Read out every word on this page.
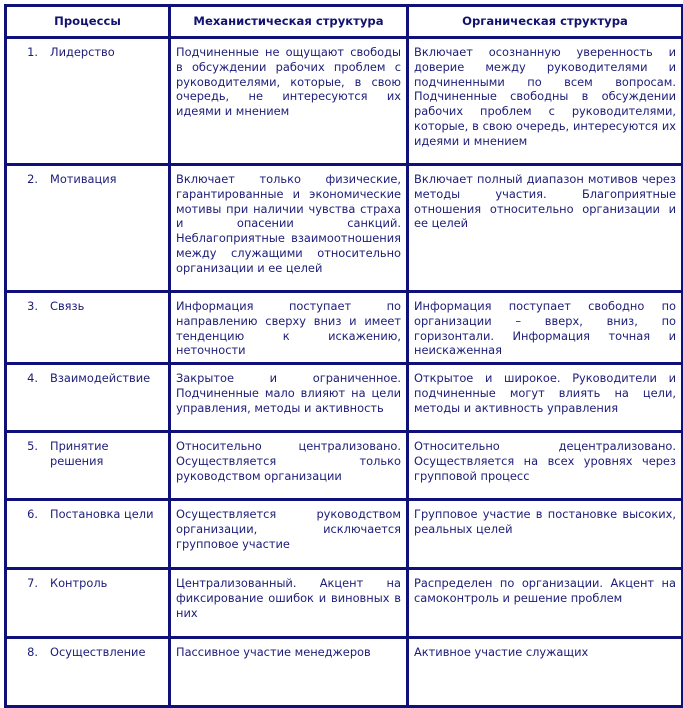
Процессы	Механистическая структура	Органическая структура
1. Лидерство	Подчиненные не ощущают свободы в обсуждении рабочих проблем с руководителями, которые, в свою очередь, не интересуются их идеями и мнением	Включает осознанную уверенность и доверие между руководителями и подчиненными по всем вопросам. Подчиненные свободны в обсуждении рабочих проблем с руководителями, которые, в свою очередь, интересуются их идеями и мнением
2. Мотивация	Включает только физические, гарантированные и экономические мотивы при наличии чувства страха и опасении санкций. Неблагоприятные взаимоотношения между служащими относительно организации и ее целей	Включает полный диапазон мотивов через методы участия. Благоприятные отношения относительно организации и ее целей
3. Связь	Информация поступает по направлению сверху вниз и имеет тенденцию к искажению, неточности	Информация поступает свободно по организации – вверх, вниз, по горизонтали. Информация точная и неискаженная
4. Взаимодействие	Закрытое и ограниченное. Подчиненные мало влияют на цели управления, методы и активность	Открытое и широкое. Руководители и подчиненные могут влиять на цели, методы и активность управления
5. Принятие решения	Относительно централизовано. Осуществляется только руководством организации	Относительно децентрализовано. Осуществляется на всех уровнях через групповой процесс
6. Постановка цели	Осуществляется руководством организации, исключается групповое участие	Групповое участие в постановке высоких, реальных целей
7. Контроль	Централизованный. Акцент на фиксирование ошибок и виновных в них	Распределен по организации. Акцент на самоконтроль и решение проблем
8. Осуществление	Пассивное участие менеджеров	Активное участие служащих
